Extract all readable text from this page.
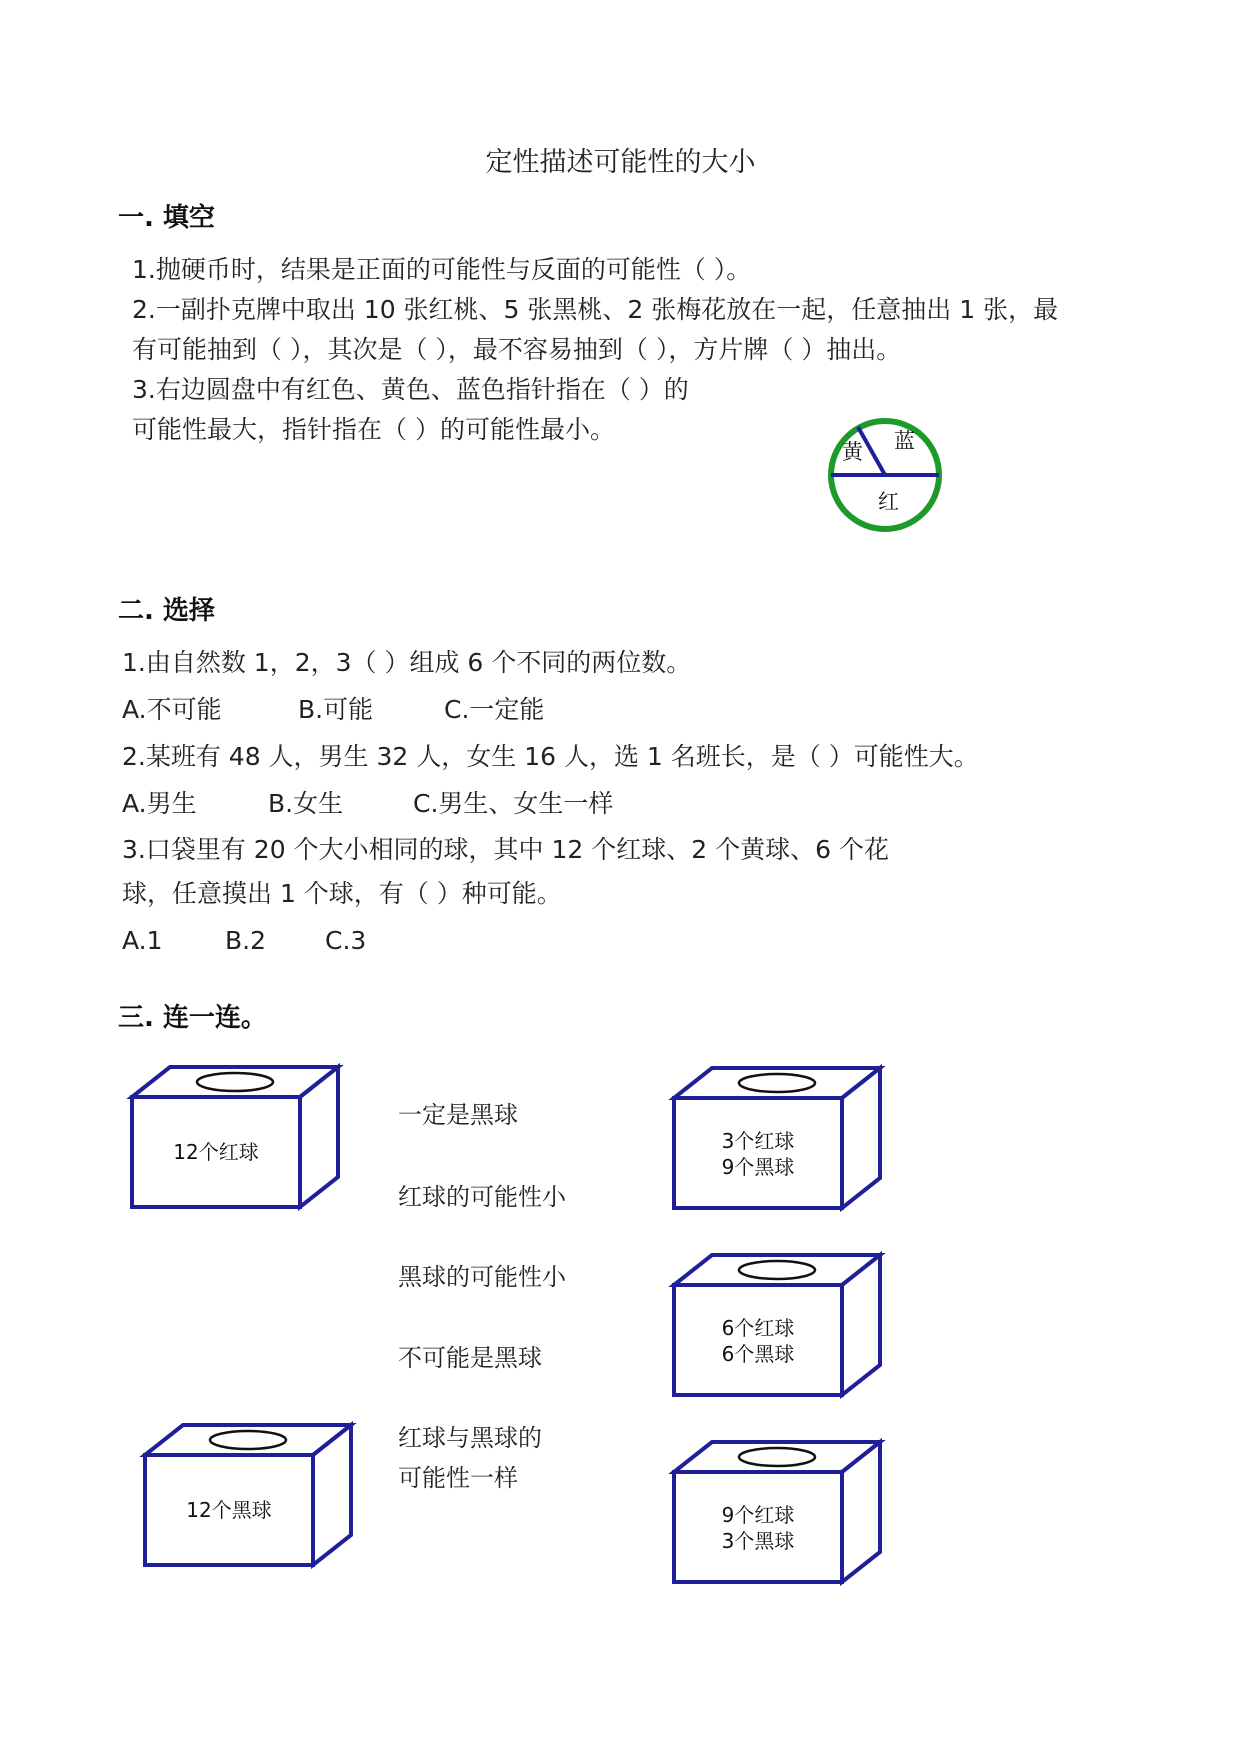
定性描述可能性的大小
一. 填空
1.抛硬币时，结果是正面的可能性与反面的可能性（ ）。
2.一副扑克牌中取出 10 张红桃、5 张黑桃、2 张梅花放在一起，任意抽出 1 张，最
有可能抽到（ ），其次是（ ），最不容易抽到（ ），方片牌（ ）抽出。
3.右边圆盘中有红色、黄色、蓝色指针指在（ ）的
可能性最大，指针指在（ ）的可能性最小。
黄 蓝
红
二. 选择
1.由自然数 1，2，3（ ）组成 6 个不同的两位数。
A.不可能	B.可能	C.一定能
2.某班有 48 人，男生 32 人，女生 16 人，选 1 名班长，是（ ）可能性大。
A.男生	B.女生	C.男生、女生一样
3.口袋里有 20 个大小相同的球，其中 12 个红球、2 个黄球、6 个花
球，任意摸出 1 个球，有（ ）种可能。
A.1 B.2 C.3
三. 连一连。
12个红球
12个黑球
一定是黑球
红球的可能性小
黑球的可能性小
不可能是黑球
红球与黑球的
可能性一样
3个红球
9个黑球
6个红球
6个黑球
9个红球
3个黑球
